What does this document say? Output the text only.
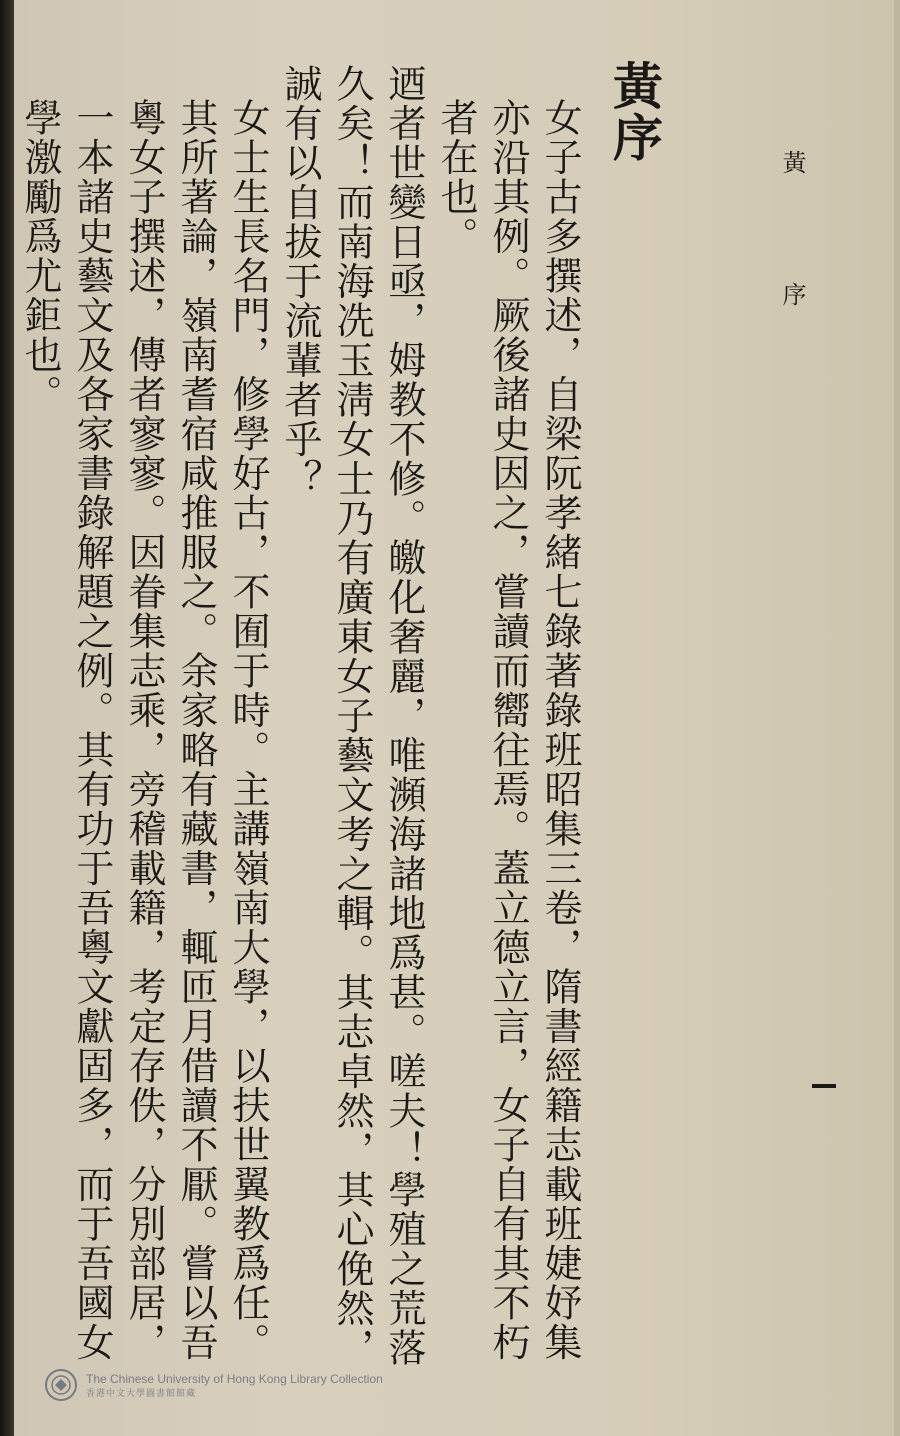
黃 序

黃序

女子古多撰述，自梁阮孝緒七錄著錄班昭集三卷，隋書經籍志載班婕妤集亦沿其例。厥後諸史因之，嘗讀而嚮往焉。蓋立德立言，女子自有其不朽者在也。

迺者世變日亟，姆教不修。皦化奢麗，唯瀕海諸地爲甚。嗟夫！學殖之荒落久矣！而南海冼玉淸女士乃有廣東女子藝文考之輯。其志卓然，其心俛然，誠有以自拔于流輩者乎？

女士生長名門，修學好古，不囿于時。主講嶺南大學，以扶世翼教爲任。其所著論，嶺南耆宿咸推服之。余家略有藏書，輒匝月借讀不厭。嘗以吾粵女子撰述，傳者寥寥。因眷集志乘，旁稽載籍，考定存佚，分別部居，一本諸史藝文及各家書錄解題之例。其有功于吾粵文獻固多，而于吾國女學激勵爲尤鉅也。

The Chinese University of Hong Kong Library Collection
香港中文大學圖書館館藏
